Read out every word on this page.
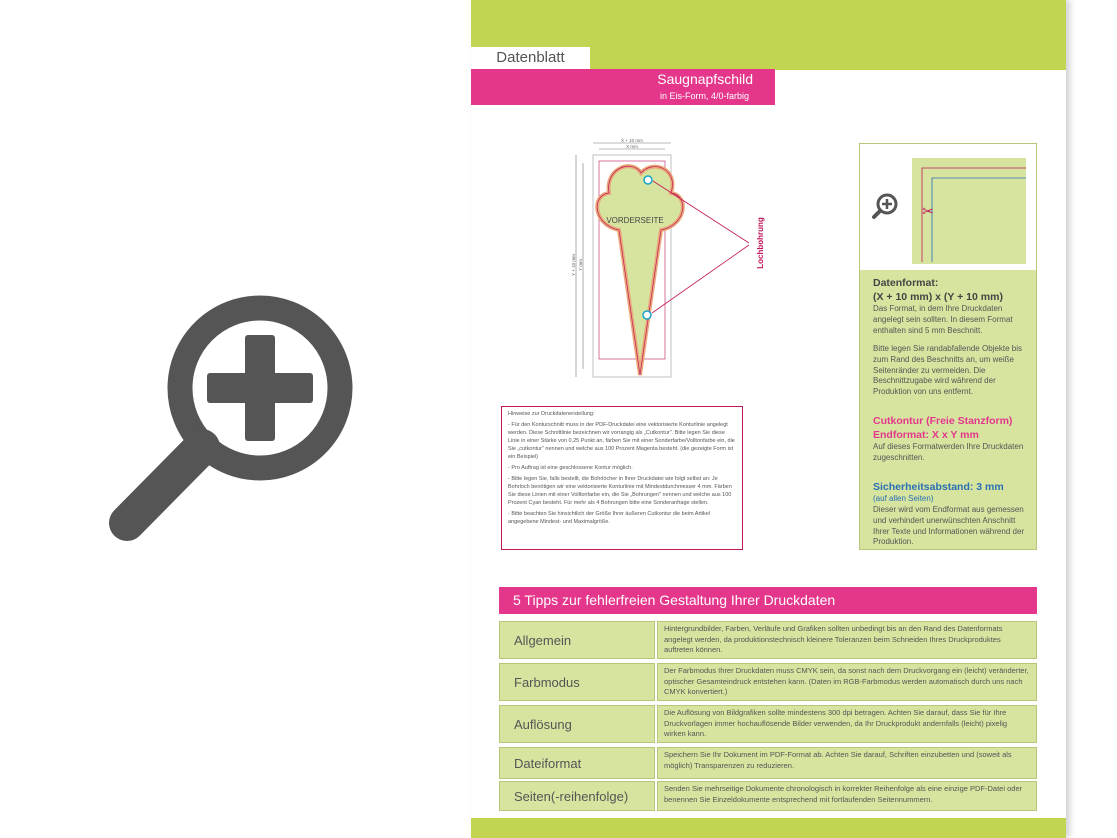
Datenblatt
Saugnapfschild
in Eis-Form, 4/0-farbig
X + 10 mm
X mm
Y + 10 mm Y mm
VORDERSEITE	Lochbohrung

Hinweise zur Druckdatenerstellung:

- Für den Konturschnitt muss in der PDF-Druckdatei eine vektorisierte Konturlinie angelegt werden. Diese Schnittlinie bezeichnen wir vorrangig als „Cutkontur". Bitte legen Sie diese Linie in einer Stärke von 0,25 Punkt an, färben Sie mit einer Sonderfarbe/Volltonfarbe ein, die Sie „cutkontur" nennen und welche aus 100 Prozent Magenta besteht. (die gezeigte Form ist ein Beispiel)

- Pro Auftrag ist eine geschlossene Kontur möglich.

- Bitte legen Sie, falls bestellt, die Bohrlöcher in Ihrer Druckdatei wie folgt selbst an: Je Bohrloch benötigen wir eine vektorisierte Konturlinie mit Mindestdurchmesser 4 mm. Färben Sie diese Linien mit einer Volltonfarbe ein, die Sie „Bohrungen" nennen und welche aus 100 Prozent Cyan besteht. Für mehr als 4 Bohrungen bitte eine Sonderanfrage stellen.

- Bitte beachten Sie hinsichtlich der Größe Ihrer äußeren Cutkontur die beim Artikel angegebene Mindest- und Maximalgröße.

✂
Datenformat:
(X + 10 mm) x (Y + 10 mm)
Das Format, in dem Ihre Druckdaten angelegt sein sollten. In diesem Format enthalten sind 5 mm Beschnitt.
Bitte legen Sie randabfallende Objekte bis zum Rand des Beschnitts an, um weiße Seitenränder zu vermeiden. Die Beschnittzugabe wird während der Produktion von uns entfernt.
Cutkontur (Freie Stanzform)
Endformat: X x Y mm
Auf dieses Formatwerden Ihre Druckdaten zugeschnitten.
Sicherheitsabstand: 3 mm
(auf allen Seiten)
Dieser wird vom Endformat aus gemessen und verhindert unerwünschten Anschnitt Ihrer Texte und Informationen während der Produktion.
5 Tipps zur fehlerfreien Gestaltung Ihrer Druckdaten
Allgemein
Hintergrundbilder, Farben, Verläufe und Grafiken sollten unbedingt bis an den Rand des Datenformats angelegt werden, da produktionstechnisch kleinere Toleranzen beim Schneiden Ihres Druckproduktes auftreten können.
Farbmodus
Der Farbmodus Ihrer Druckdaten muss CMYK sein, da sonst nach dem Druckvorgang ein (leicht) veränderter, optischer Gesamteindruck entstehen kann. (Daten im RGB-Farbmodus werden automatisch durch uns nach CMYK konvertiert.)
Auflösung
Die Auflösung von Bildgrafiken sollte mindestens 300 dpi betragen. Achten Sie darauf, dass Sie für Ihre Druckvorlagen immer hochauflösende Bilder verwenden, da Ihr Druckprodukt andernfalls (leicht) pixelig wirken kann.
Dateiformat
Speichern Sie Ihr Dokument im PDF-Format ab. Achten Sie darauf, Schriften einzubetten und (soweit als möglich) Transparenzen zu reduzieren.
Seiten(-reihenfolge)
Senden Sie mehrseitige Dokumente chronologisch in korrekter Reihenfolge als eine einzige PDF-Datei oder benennen Sie Einzeldokumente entsprechend mit fortlaufenden Seitennummern.
